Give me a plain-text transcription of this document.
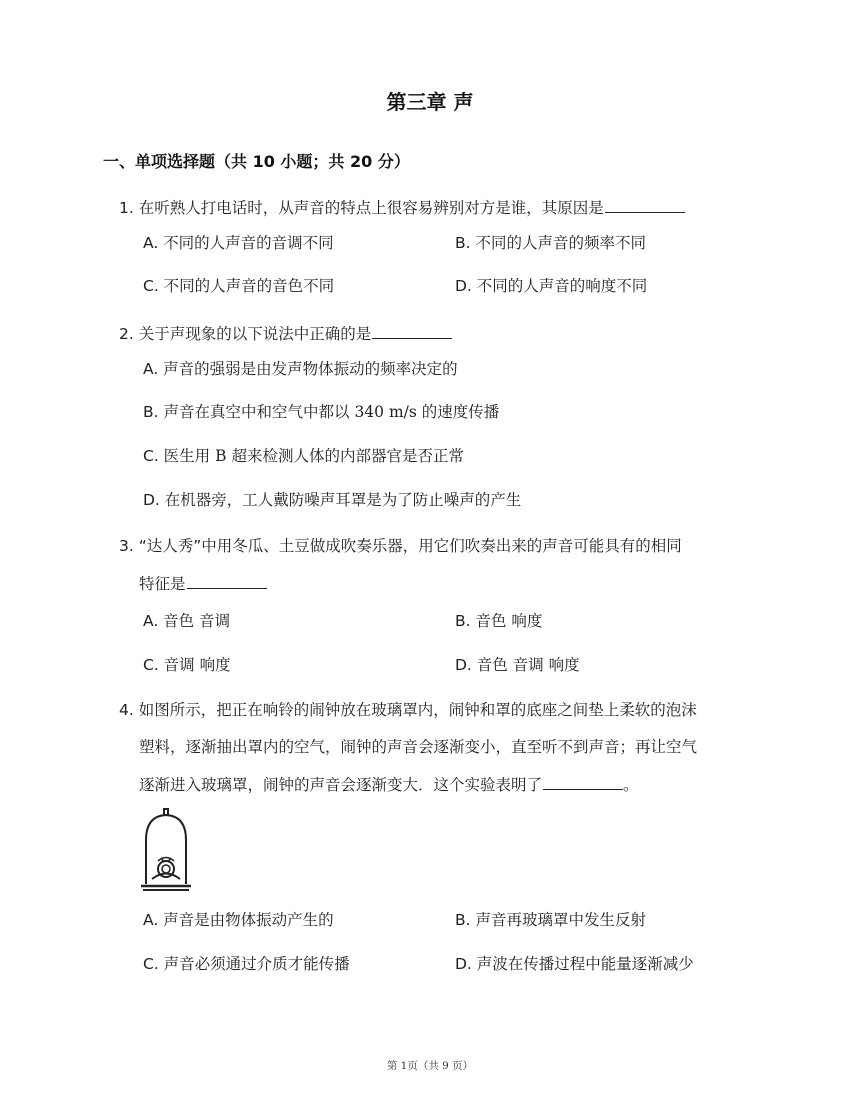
第三章 声
一、单项选择题（共 10 小题；共 20 分）
1. 在听熟人打电话时，从声音的特点上很容易辨别对方是谁，其原因是
A. 不同的人声音的音调不同	B. 不同的人声音的频率不同
C. 不同的人声音的音色不同	D. 不同的人声音的响度不同
2. 关于声现象的以下说法中正确的是
A. 声音的强弱是由发声物体振动的频率决定的
B. 声音在真空中和空气中都以 340 m/s 的速度传播
C. 医生用 B 超来检测人体的内部器官是否正常
D. 在机器旁，工人戴防噪声耳罩是为了防止噪声的产生
3. “达人秀”中用冬瓜、土豆做成吹奏乐器，用它们吹奏出来的声音可能具有的相同
特征是
A. 音色 音调	B. 音色 响度
C. 音调 响度	D. 音色 音调 响度
4. 如图所示，把正在响铃的闹钟放在玻璃罩内，闹钟和罩的底座之间垫上柔软的泡沫
塑料，逐渐抽出罩内的空气，闹钟的声音会逐渐变小，直至听不到声音；再让空气
逐渐进入玻璃罩，闹钟的声音会逐渐变大．这个实验表明了	。
A. 声音是由物体振动产生的	B. 声音再玻璃罩中发生反射
C. 声音必须通过介质才能传播	D. 声波在传播过程中能量逐渐减少
第 1页（共 9 页）
